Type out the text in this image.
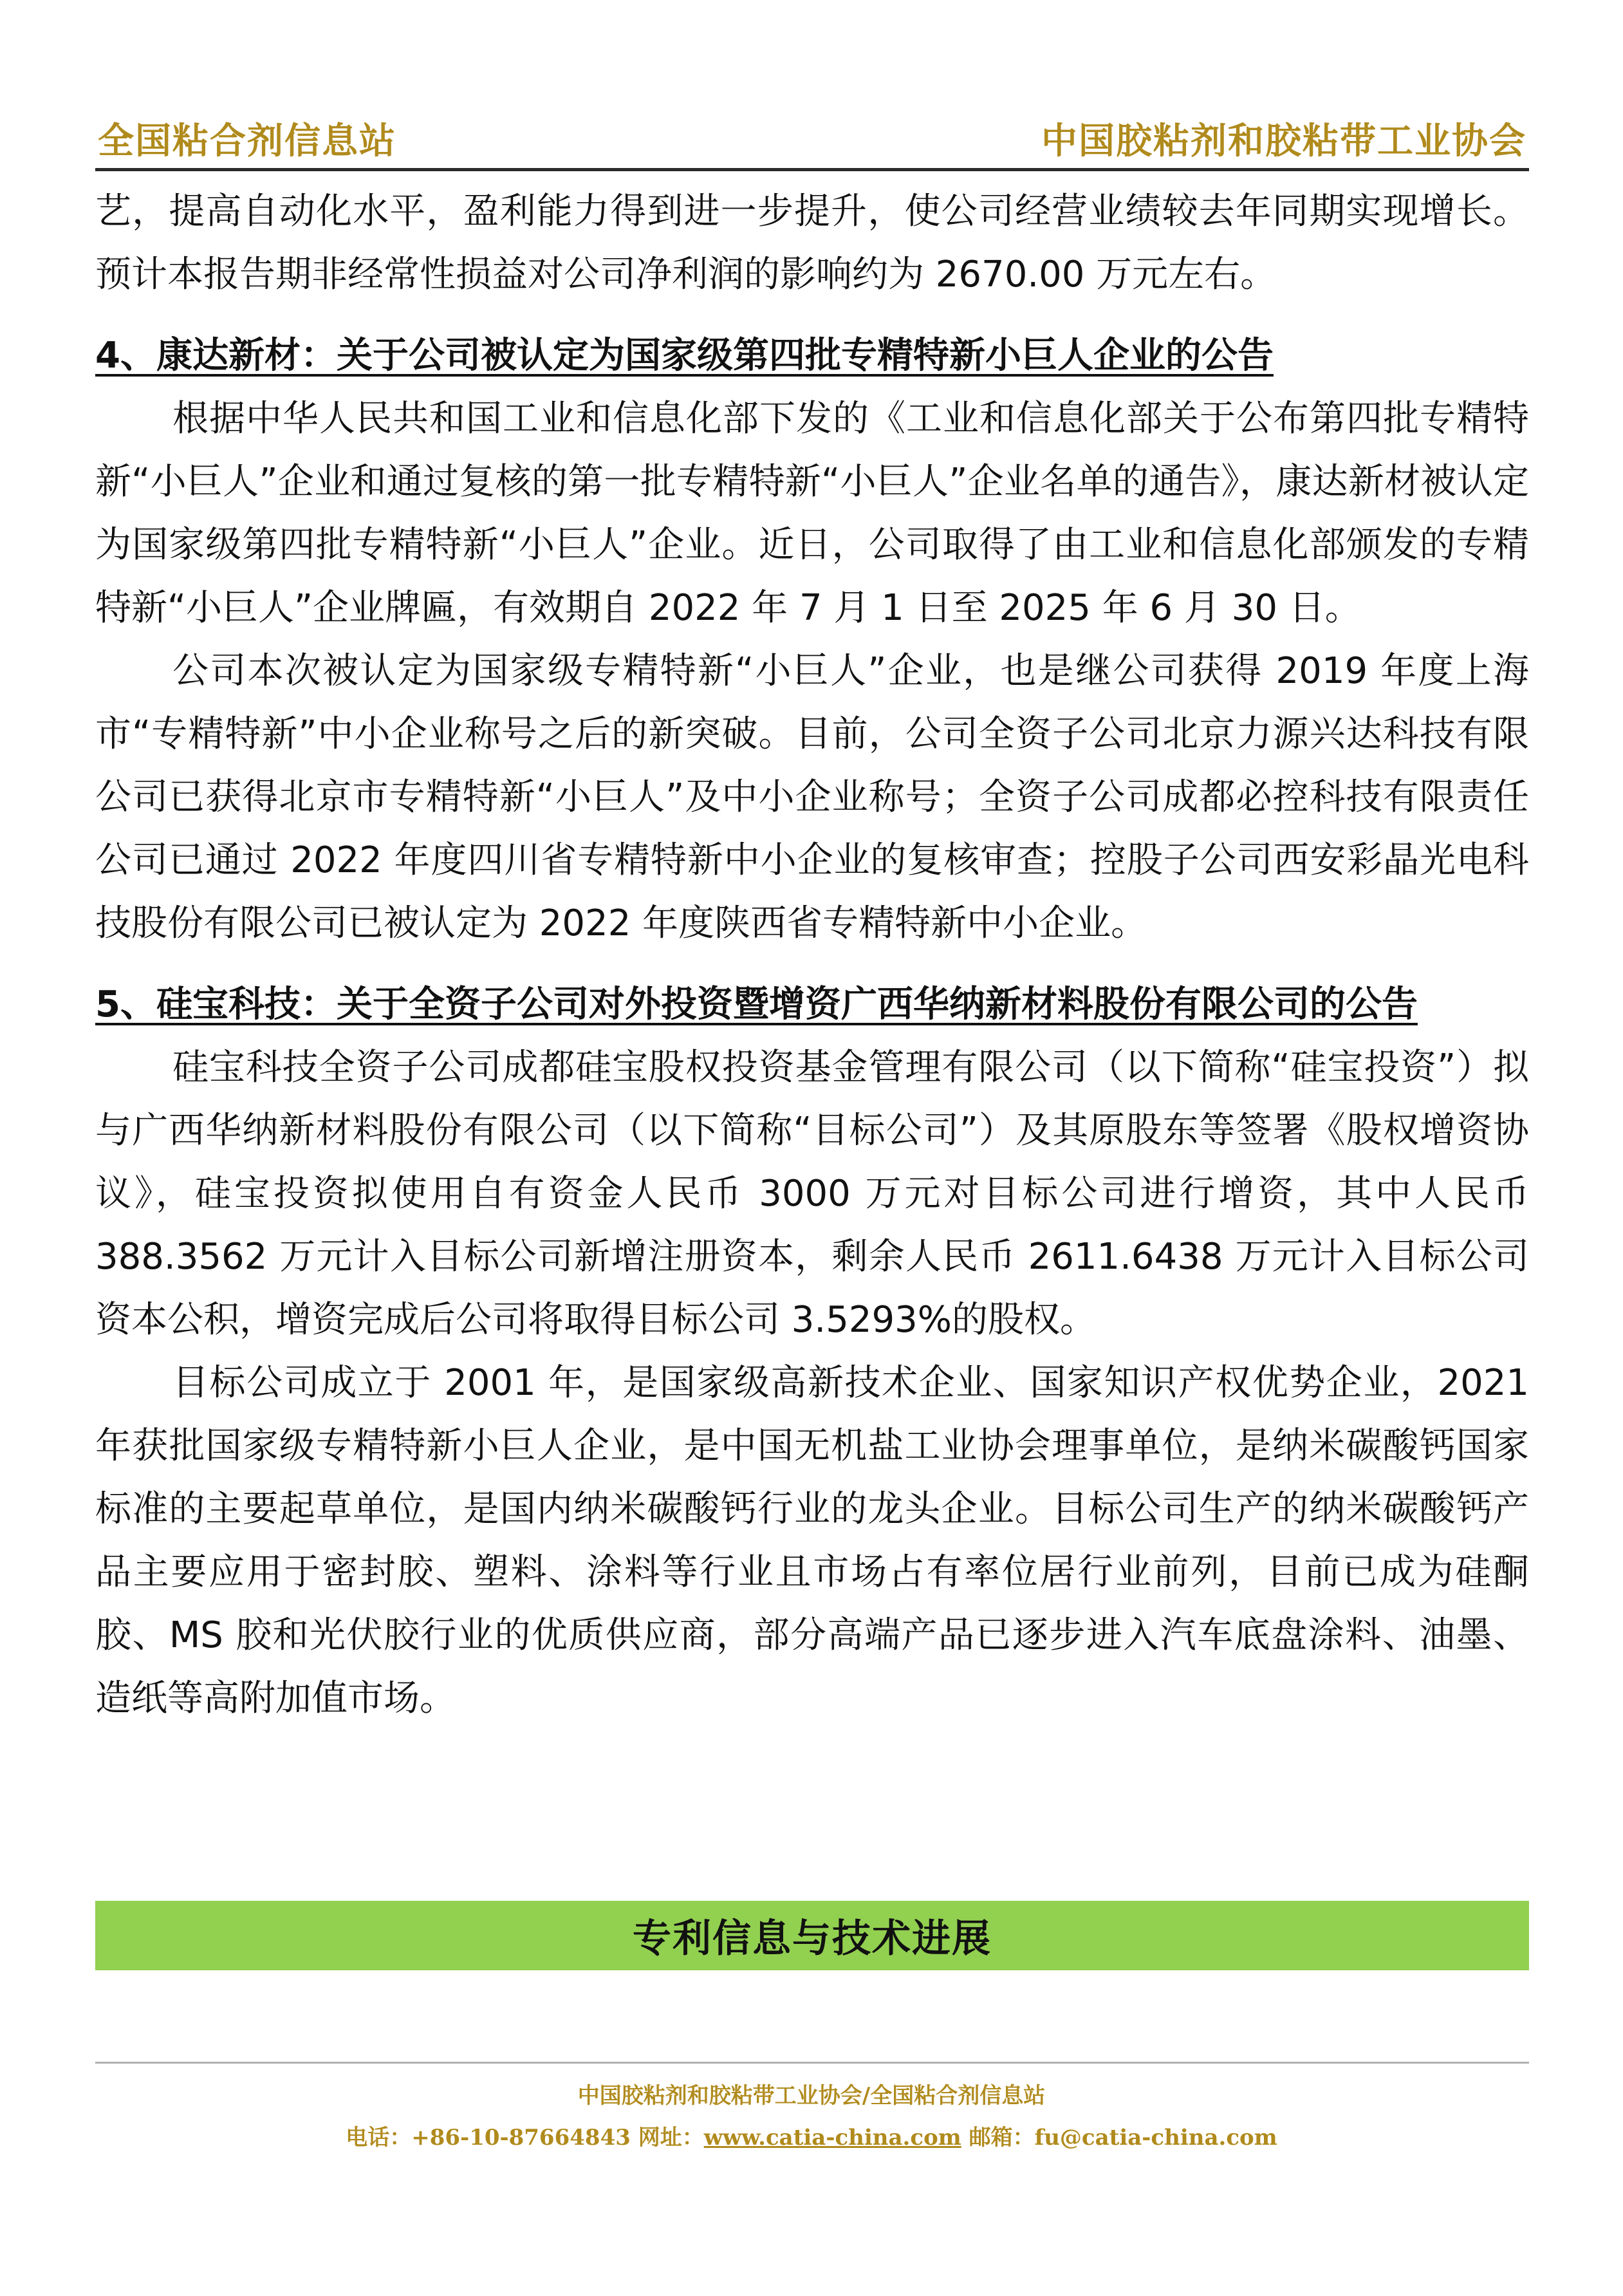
全国粘合剂信息站	中国胶粘剂和胶粘带工业协会

艺，提高自动化水平，盈利能力得到进一步提升，使公司经营业绩较去年同期实现增长。预计本报告期非经常性损益对公司净利润的影响约为 2670.00 万元左右。

4、康达新材：关于公司被认定为国家级第四批专精特新小巨人企业的公告

根据中华人民共和国工业和信息化部下发的《工业和信息化部关于公布第四批专精特新“小巨人”企业和通过复核的第一批专精特新“小巨人”企业名单的通告》，康达新材被认定为国家级第四批专精特新“小巨人”企业。近日，公司取得了由工业和信息化部颁发的专精特新“小巨人”企业牌匾，有效期自 2022 年 7 月 1 日至 2025 年 6 月 30 日。

公司本次被认定为国家级专精特新“小巨人”企业，也是继公司获得 2019 年度上海市“专精特新”中小企业称号之后的新突破。目前，公司全资子公司北京力源兴达科技有限公司已获得北京市专精特新“小巨人”及中小企业称号；全资子公司成都必控科技有限责任公司已通过 2022 年度四川省专精特新中小企业的复核审查；控股子公司西安彩晶光电科技股份有限公司已被认定为 2022 年度陕西省专精特新中小企业。

5、硅宝科技：关于全资子公司对外投资暨增资广西华纳新材料股份有限公司的公告

硅宝科技全资子公司成都硅宝股权投资基金管理有限公司（以下简称“硅宝投资”）拟与广西华纳新材料股份有限公司（以下简称“目标公司”）及其原股东等签署《股权增资协议》，硅宝投资拟使用自有资金人民币 3000 万元对目标公司进行增资，其中人民币 388.3562 万元计入目标公司新增注册资本，剩余人民币 2611.6438 万元计入目标公司资本公积，增资完成后公司将取得目标公司 3.5293%的股权。

目标公司成立于 2001 年，是国家级高新技术企业、国家知识产权优势企业，2021 年获批国家级专精特新小巨人企业，是中国无机盐工业协会理事单位，是纳米碳酸钙国家标准的主要起草单位，是国内纳米碳酸钙行业的龙头企业。目标公司生产的纳米碳酸钙产品主要应用于密封胶、塑料、涂料等行业且市场占有率位居行业前列，目前已成为硅酮胶、MS 胶和光伏胶行业的优质供应商，部分高端产品已逐步进入汽车底盘涂料、油墨、造纸等高附加值市场。

专利信息与技术进展
中国胶粘剂和胶粘带工业协会/全国粘合剂信息站
电话：+86-10-87664843 网址：www.catia-china.com 邮箱：fu@catia-china.com
